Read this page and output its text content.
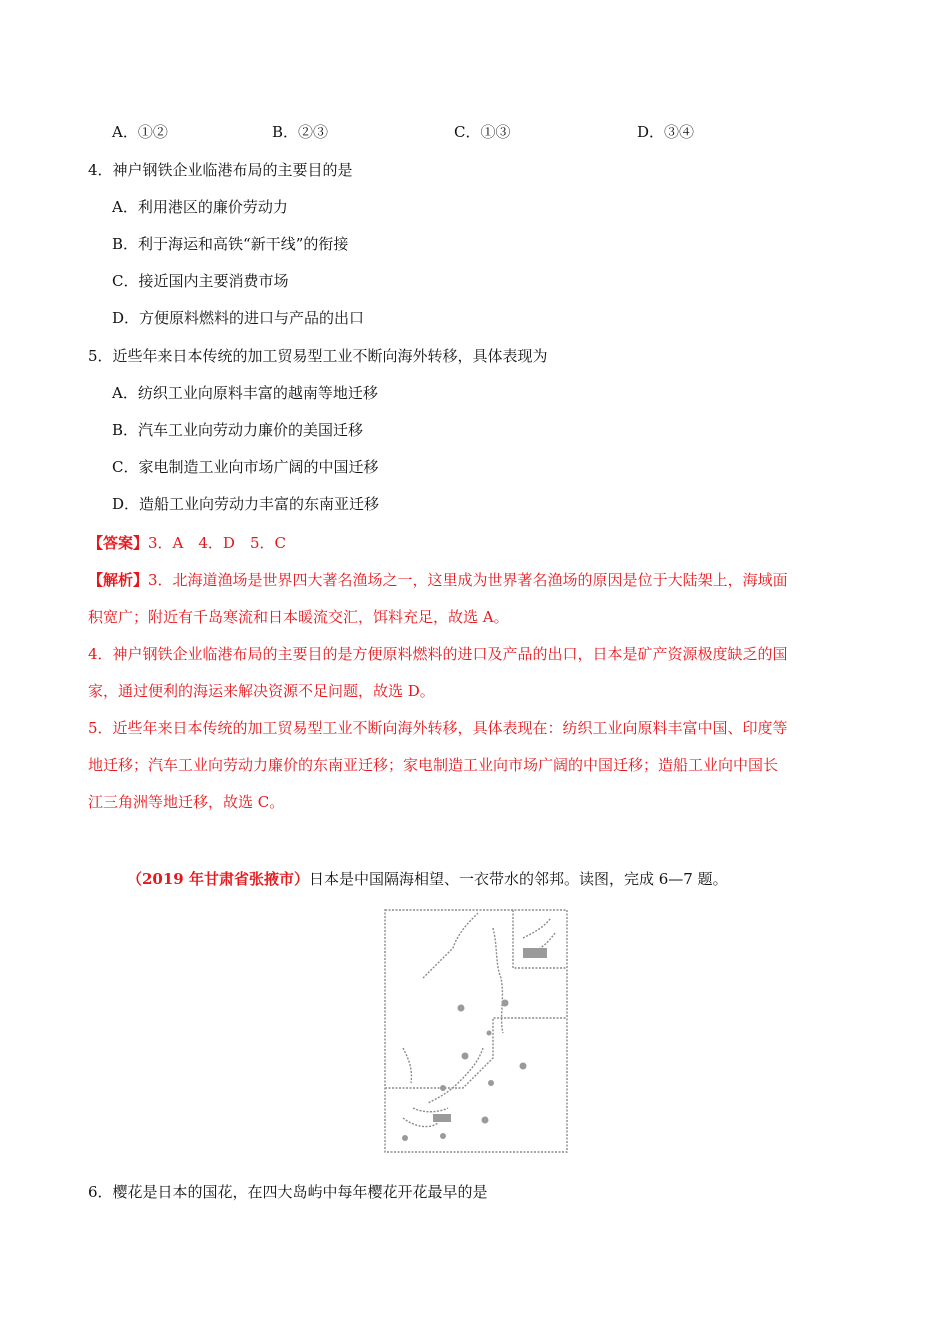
A．①②	B．②③	C．①③	D．③④
4．神户钢铁企业临港布局的主要目的是
A．利用港区的廉价劳动力
B．利于海运和高铁“新干线”的衔接
C．接近国内主要消费市场
D．方便原料燃料的进口与产品的出口
5．近些年来日本传统的加工贸易型工业不断向海外转移，具体表现为
A．纺织工业向原料丰富的越南等地迁移
B．汽车工业向劳动力廉价的美国迁移
C．家电制造工业向市场广阔的中国迁移
D．造船工业向劳动力丰富的东南亚迁移
【答案】3．A　4．D　5．C
【解析】3．北海道渔场是世界四大著名渔场之一，这里成为世界著名渔场的原因是位于大陆架上，海域面
积宽广；附近有千岛寒流和日本暖流交汇，饵料充足，故选 A。
4．神户钢铁企业临港布局的主要目的是方便原料燃料的进口及产品的出口，日本是矿产资源极度缺乏的国
家，通过便利的海运来解决资源不足问题，故选 D。
5．近些年来日本传统的加工贸易型工业不断向海外转移，具体表现在：纺织工业向原料丰富中国、印度等
地迁移；汽车工业向劳动力廉价的东南亚迁移；家电制造工业向市场广阔的中国迁移；造船工业向中国长
江三角洲等地迁移，故选 C。
（2019 年甘肃省张掖市）日本是中国隔海相望、一衣带水的邻邦。读图，完成 6—7 题。
6．樱花是日本的国花，在四大岛屿中每年樱花开花最早的是
